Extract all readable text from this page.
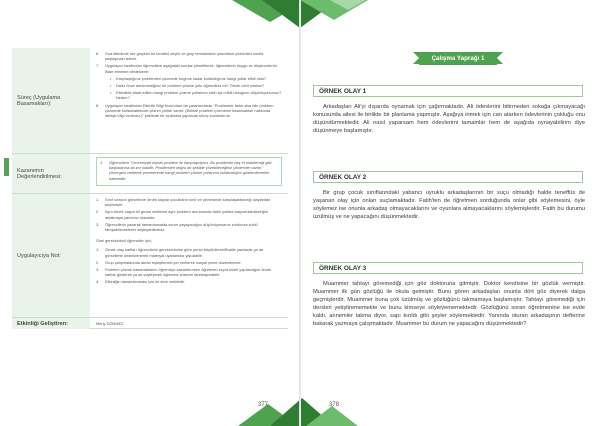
Süreç (Uygulama Basamakları):
6.	Sıra bitiminde her gruptan bir temsilci seçilir ve grup temsilcisinin yazdıkları çözümleri sınıfla paylaşması istenir.
7.	Uygulayıcı tarafından öğrencilere aşağıdaki sorular yöneltilerek, öğrencilerin duygu ve düşüncelerini ifade etmeleri desteklenir:
•	Karşılaştığınız problemleri çözmede bugüne kadar kullandığınız hangi yollar etkili oldu?
•	Daha önce denemediğiniz bir problem çözme yolu öğrendiniz mi? Örnek verir misiniz?
•	Etkinlikte ifade edilen hangi problem çözme yollarının sizin için etkili olduğunu düşünüyorsunuz? Neden?
8.	Uygulayıcı tarafından Etkinlik Bilgi Notu'ndan da yararlanılarak “Problemler farklı olsa bile problem çözmede kullanılabilecek çözüm yolları vardır. (Birlikte problem çözmenin basamakları hakkında detaylı bilgi verilmez.)” şeklinde bir açıklama yapılarak süreç sonlandırılır.
Kazanımın Değerlendirilmesi:
1.	Öğrencilere “Cevrenizde kişisel problem ile karşılaştığınız. Bu problemle baş et olabileceği gibi başkalarına da zor olabilir. Problemleri doğru bir şekilde çözebileceğiniz yöntemler vardır.” yönergesi verilerek çevrelerinde hangi problem çözme yollarının kullanıldığını gözlemlemeleri istenebilir.
Uygulayıcıya Not:
1.	Sınıf sırasını görselinde örnek olaylar çocukların sınıf ve çevresinde karşılaşabileceği olaylardan seçilmiştir.
2.	Aynı örnek olayın iki gruba verilmesi aynı problem durumunda farklı yollara başvurulabileceğini anlatmaya yardımcı olacaktır.
3.	Öğrencilerin yazarak tamamlamakta sorun yaşayacağını düşünüyorsanız sınıfınıza sözlü tartışabileceklerini söyleyebilirsiniz.
Özel gereksinimli öğrenciler için;
1.	Örnek olay kartları öğrencilerin gereksinimine göre punto büyütülerek/Braille yazılarak ya da görsellerle desteklenerek materyal uyarlaması yapılabilir.
2.	Grup çalışmalarında akran eşleştirmesi yer verilerek sosyal çevre düzenlemesi.
3.	Problem çözme basamaklarını öğrenciye kazandırırken öğretmen soyut sözel yapılacağını örnek kartlar gösterek ya da söyleyerek öğrenme sürecini farklılaştırabilir.
4.	Etkinliğin tamamlanması için ek süre verilebilir.
Etkinliği Geliştiren:	Meriç DÖNMEZ
377
Çalışma Yaprağı 1
ÖRNEK OLAY 1
Arkadaşları Ali'yi dışarıda oynamak için çağırmaktadır. Ali ödevlerini bitirmeden sokağa çıkmayacağı konusunda ailesi ile birlikte bir planlama yapmıştır. Aşağıya inmek için can atarken ödevlerinin çokluğu onu düşündürmektedir. Ali nasıl yaparsam hem ödevlerimi tamamlar hem de aşağıda oynayabilirim diye düşünmeye başlamıştır.
ÖRNEK OLAY 2
Bir grup çocuk sınıflarındaki yabancı uyruklu arkadaşlarının bir suçu olmadığı halde teneffüs de yaşanan olay için onları suçlamaktadır. Fatih'ten de öğretmen sorduğunda onlar gibi söylemesini, öyle söylemez ise onunla arkadaş olmayacaklarını ve oyunlara almayacaklarını söylemişlerdir. Fatih bu durumu üzülmüş ve ne yapacağını düşünmektedir.
ÖRNEK OLAY 3
Muammer tahtayı göremediği için göz doktoruna gitmiştir. Doktor kendisine bir gözlük vermiştir. Muammer ilk gün gözlüğü ile okula gelmiştir. Bunu gören arkadaşları onunla dört göz diyerek dalga geçmişlerdir. Muammer buna çok üzülmüş ve gözlüğünü takmamaya başlamıştır. Tahtayı göremediği için dersleri yetiştirememekte ve bunu kimseye söyleyememektedir. Gözlüğünü soran öğretmenine ise evde kaldı, annemler takma diyor, sapı kırıldı gibi şeyler söylemektedir. Yanında oturan arkadaşının defterine bakarak yazmaya çalışmaktadır. Muammer bu durum ne yapacağını düşünmektedir?
378
